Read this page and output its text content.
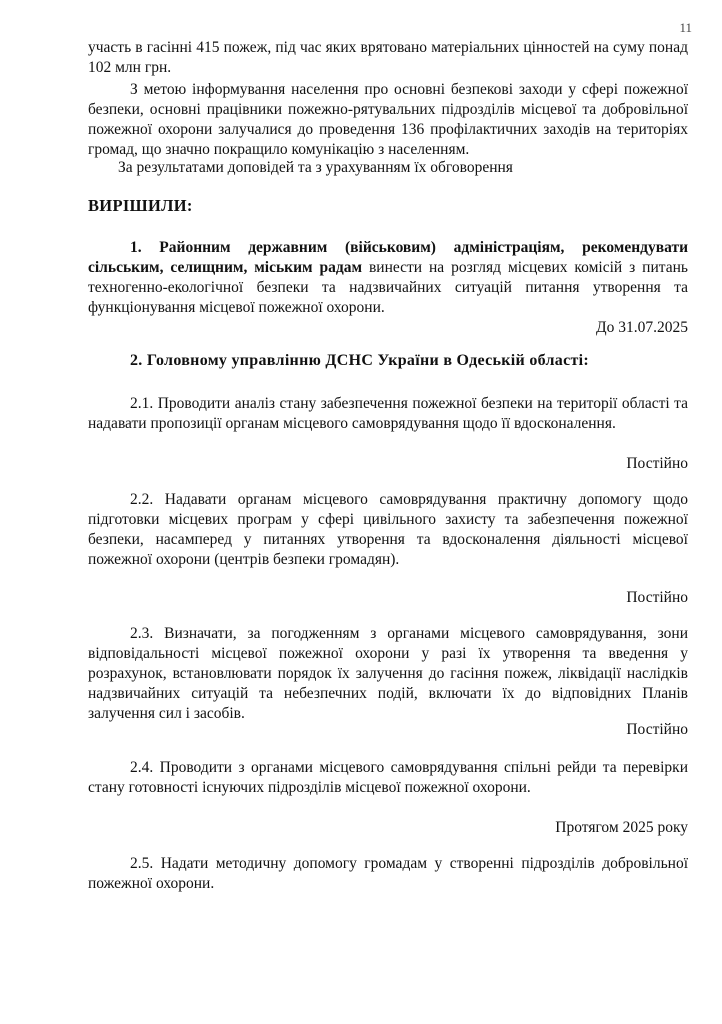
11
участь в гасінні 415 пожеж, під час яких врятовано матеріальних цінностей на суму понад 102 млн грн.
З метою інформування населення про основні безпекові заходи у сфері пожежної безпеки, основні працівники пожежно-рятувальних підрозділів місцевої та добровільної пожежної охорони залучалися до проведення 136 профілактичних заходів на територіях громад, що значно покращило комунікацію з населенням.
За результатами доповідей та з урахуванням їх обговорення
ВИРІШИЛИ:
1. Районним державним (військовим) адміністраціям, рекомендувати сільським, селищним, міським радам винести на розгляд місцевих комісій з питань техногенно-екологічної безпеки та надзвичайних ситуацій питання утворення та функціонування місцевої пожежної охорони.
До 31.07.2025
2. Головному управлінню ДСНС України в Одеській області:
2.1. Проводити аналіз стану забезпечення пожежної безпеки на території області та надавати пропозиції органам місцевого самоврядування щодо її вдосконалення.
Постійно
2.2. Надавати органам місцевого самоврядування практичну допомогу щодо підготовки місцевих програм у сфері цивільного захисту та забезпечення пожежної безпеки, насамперед у питаннях утворення та вдосконалення діяльності місцевої пожежної охорони (центрів безпеки громадян).
Постійно
2.3. Визначати, за погодженням з органами місцевого самоврядування, зони відповідальності місцевої пожежної охорони у разі їх утворення та введення у розрахунок, встановлювати порядок їх залучення до гасіння пожеж, ліквідації наслідків надзвичайних ситуацій та небезпечних подій, включати їх до відповідних Планів залучення сил і засобів.
Постійно
2.4. Проводити з органами місцевого самоврядування спільні рейди та перевірки стану готовності існуючих підрозділів місцевої пожежної охорони.
Протягом 2025 року
2.5. Надати методичну допомогу громадам у створенні підрозділів добровільної пожежної охорони.
